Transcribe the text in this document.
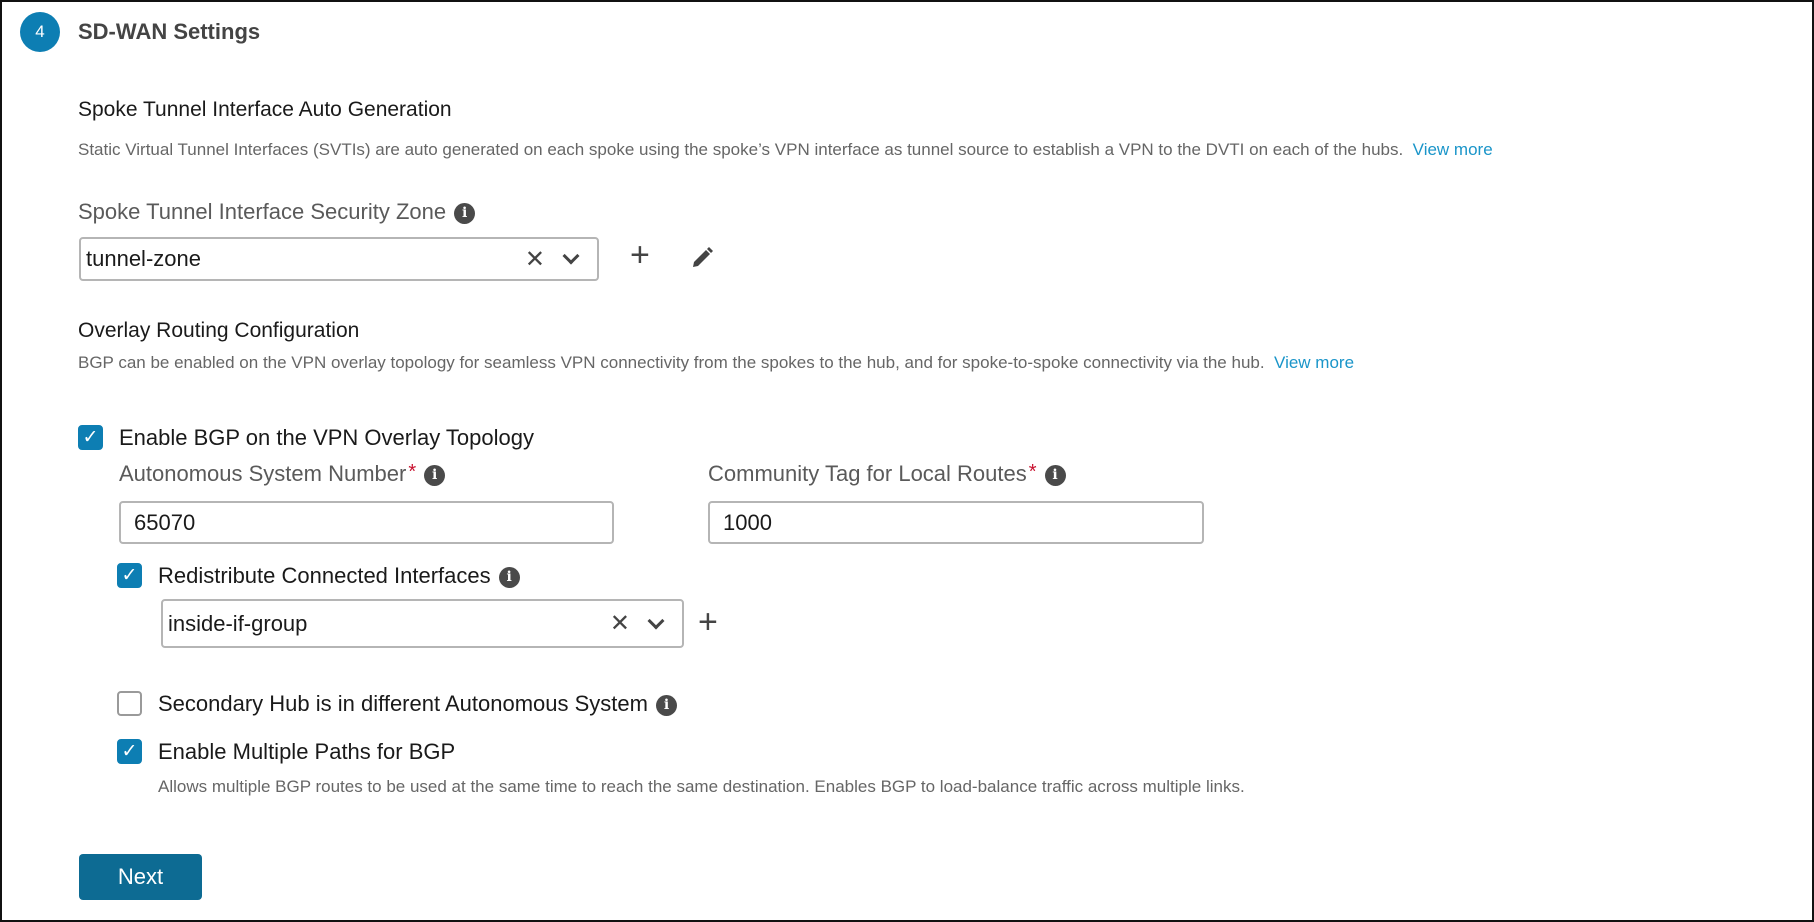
4	SD-WAN Settings
Spoke Tunnel Interface Auto Generation
Static Virtual Tunnel Interfaces (SVTIs) are auto generated on each spoke using the spoke’s VPN interface as tunnel source to establish a VPN to the DVTI on each of the hubs. View more
Spoke Tunnel Interface Security Zone i
tunnel-zone	✕	+
Overlay Routing Configuration
BGP can be enabled on the VPN overlay topology for seamless VPN connectivity from the spokes to the hub, and for spoke-to-spoke connectivity via the hub. View more
✓ Enable BGP on the VPN Overlay Topology
Autonomous System Number * i	Community Tag for Local Routes * i
65070	1000
✓ Redistribute Connected Interfaces i
inside-if-group	✕ +
Secondary Hub is in different Autonomous System i
✓ Enable Multiple Paths for BGP
Allows multiple BGP routes to be used at the same time to reach the same destination. Enables BGP to load-balance traffic across multiple links.
Next
